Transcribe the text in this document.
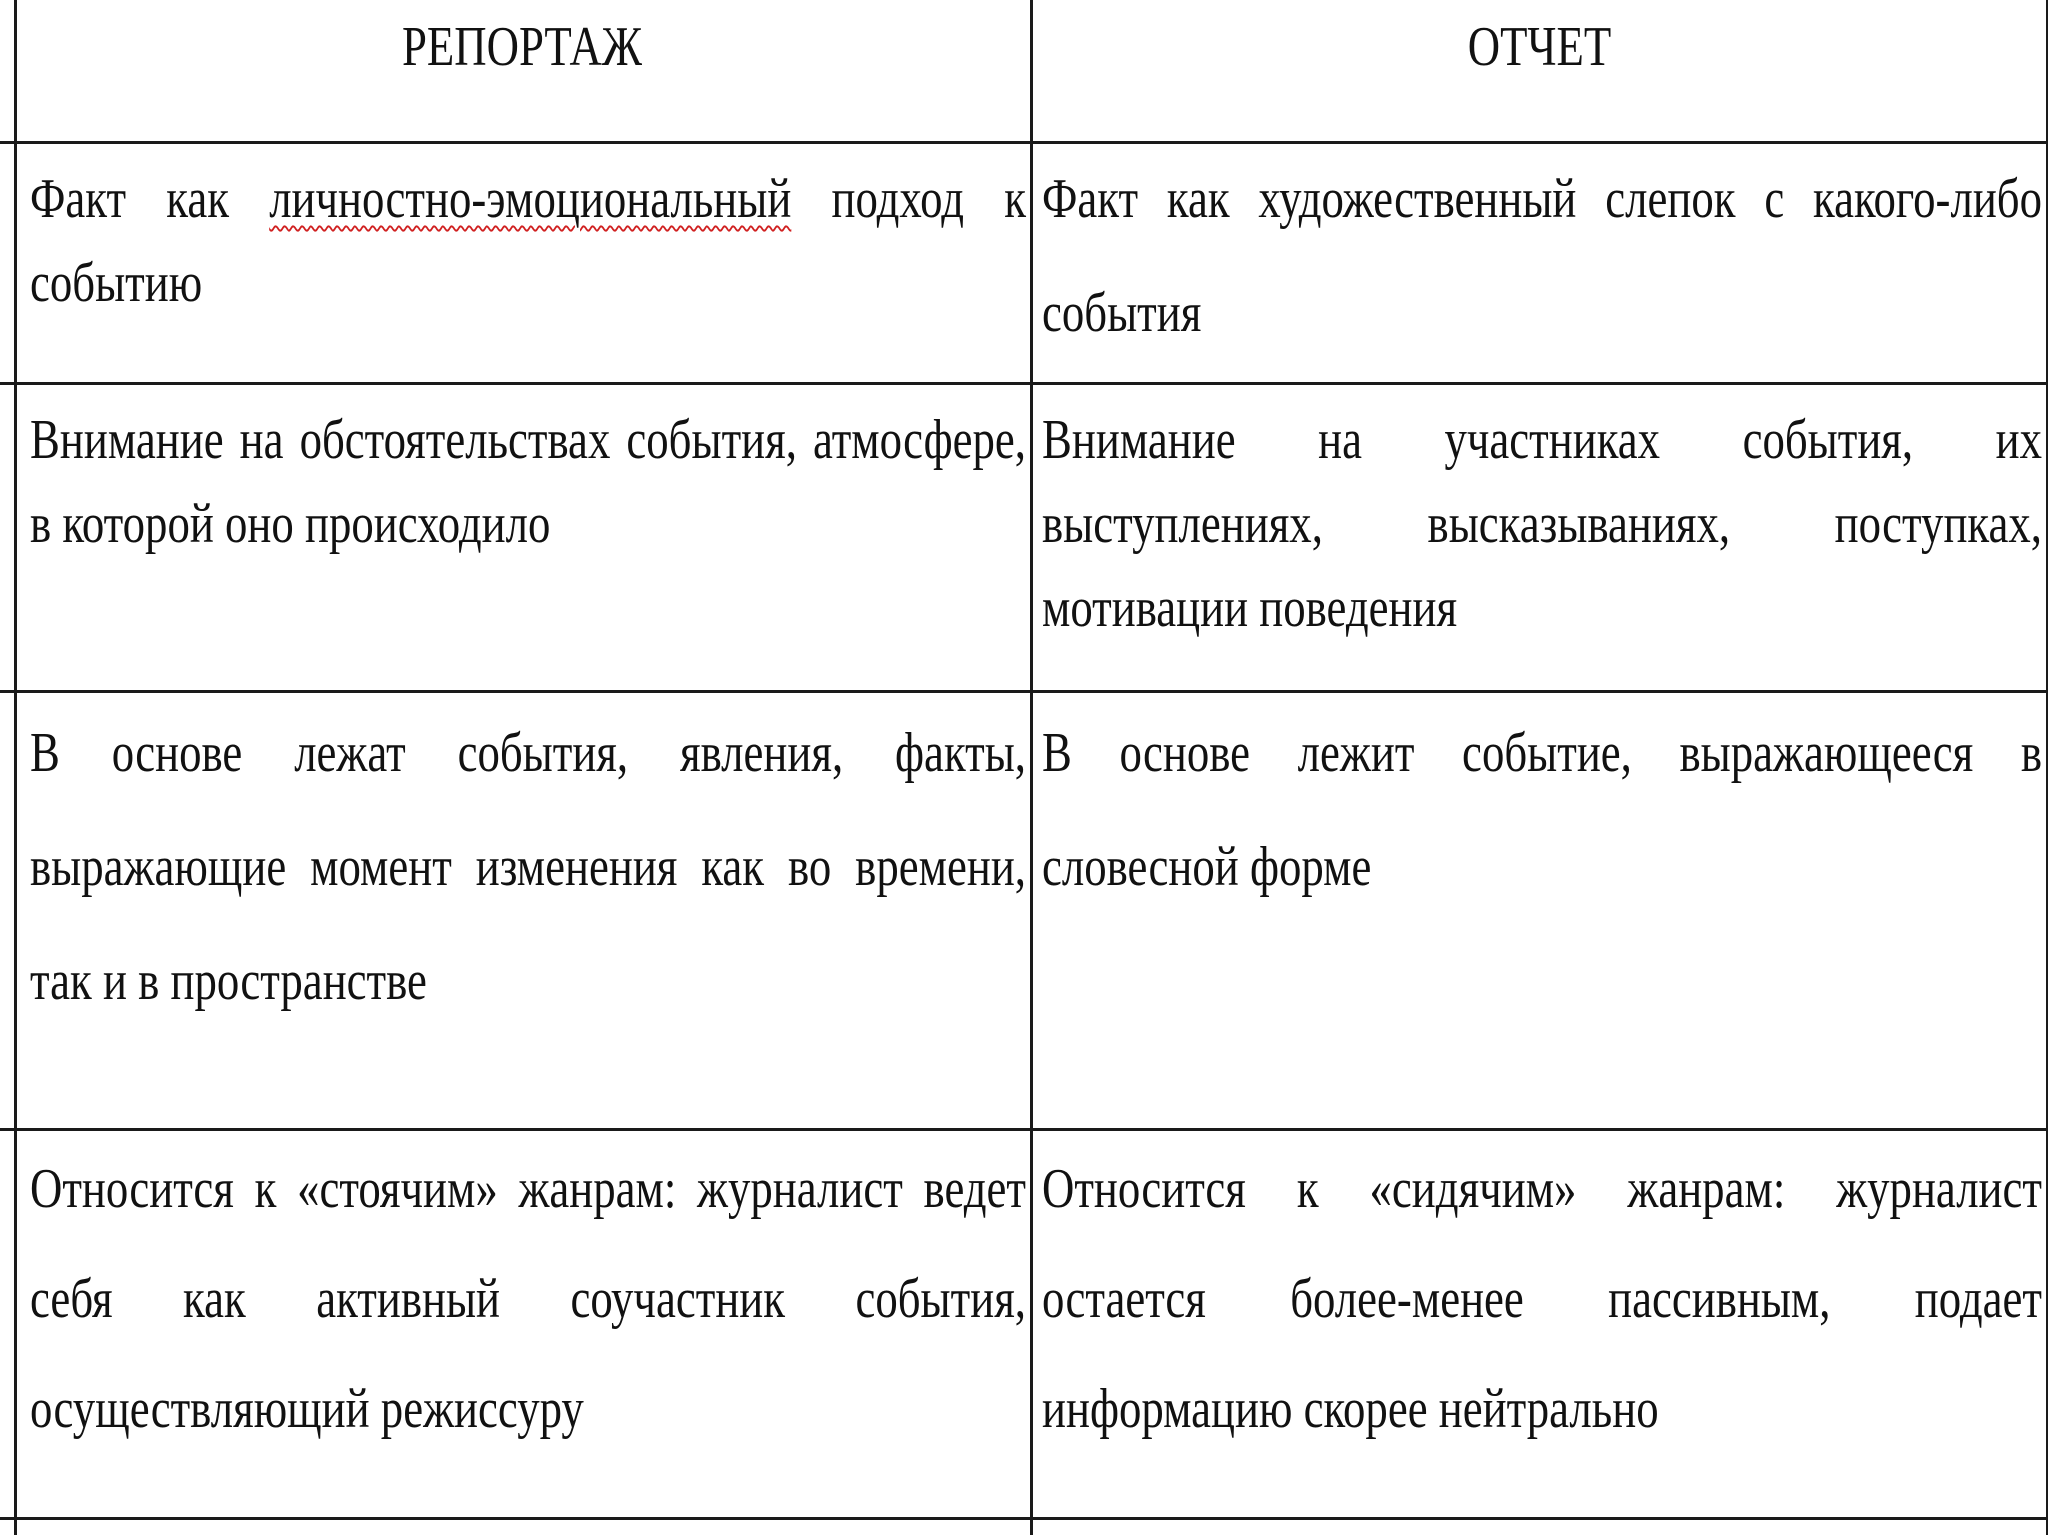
РЕПОРТАЖ	ОТЧЕТ
Факт как личностно-эмоциональный подход к событию
Факт как художественный слепок с какого-либо события
Внимание на обстоятельствах события, атмосфере, в которой оно происходило
Внимание на участниках события, их выступлениях, высказываниях, поступках, мотивации поведения
В основе лежат события, явления, факты, выражающие момент изменения как во времени, так и в пространстве
В основе лежит событие, выражающееся в словесной форме
Относится к «стоячим» жанрам: журналист ведет себя как активный соучастник события, осуществляющий режиссуру
Относится к «сидячим» жанрам: журналист остается более-менее пассивным, подает информацию скорее нейтрально
